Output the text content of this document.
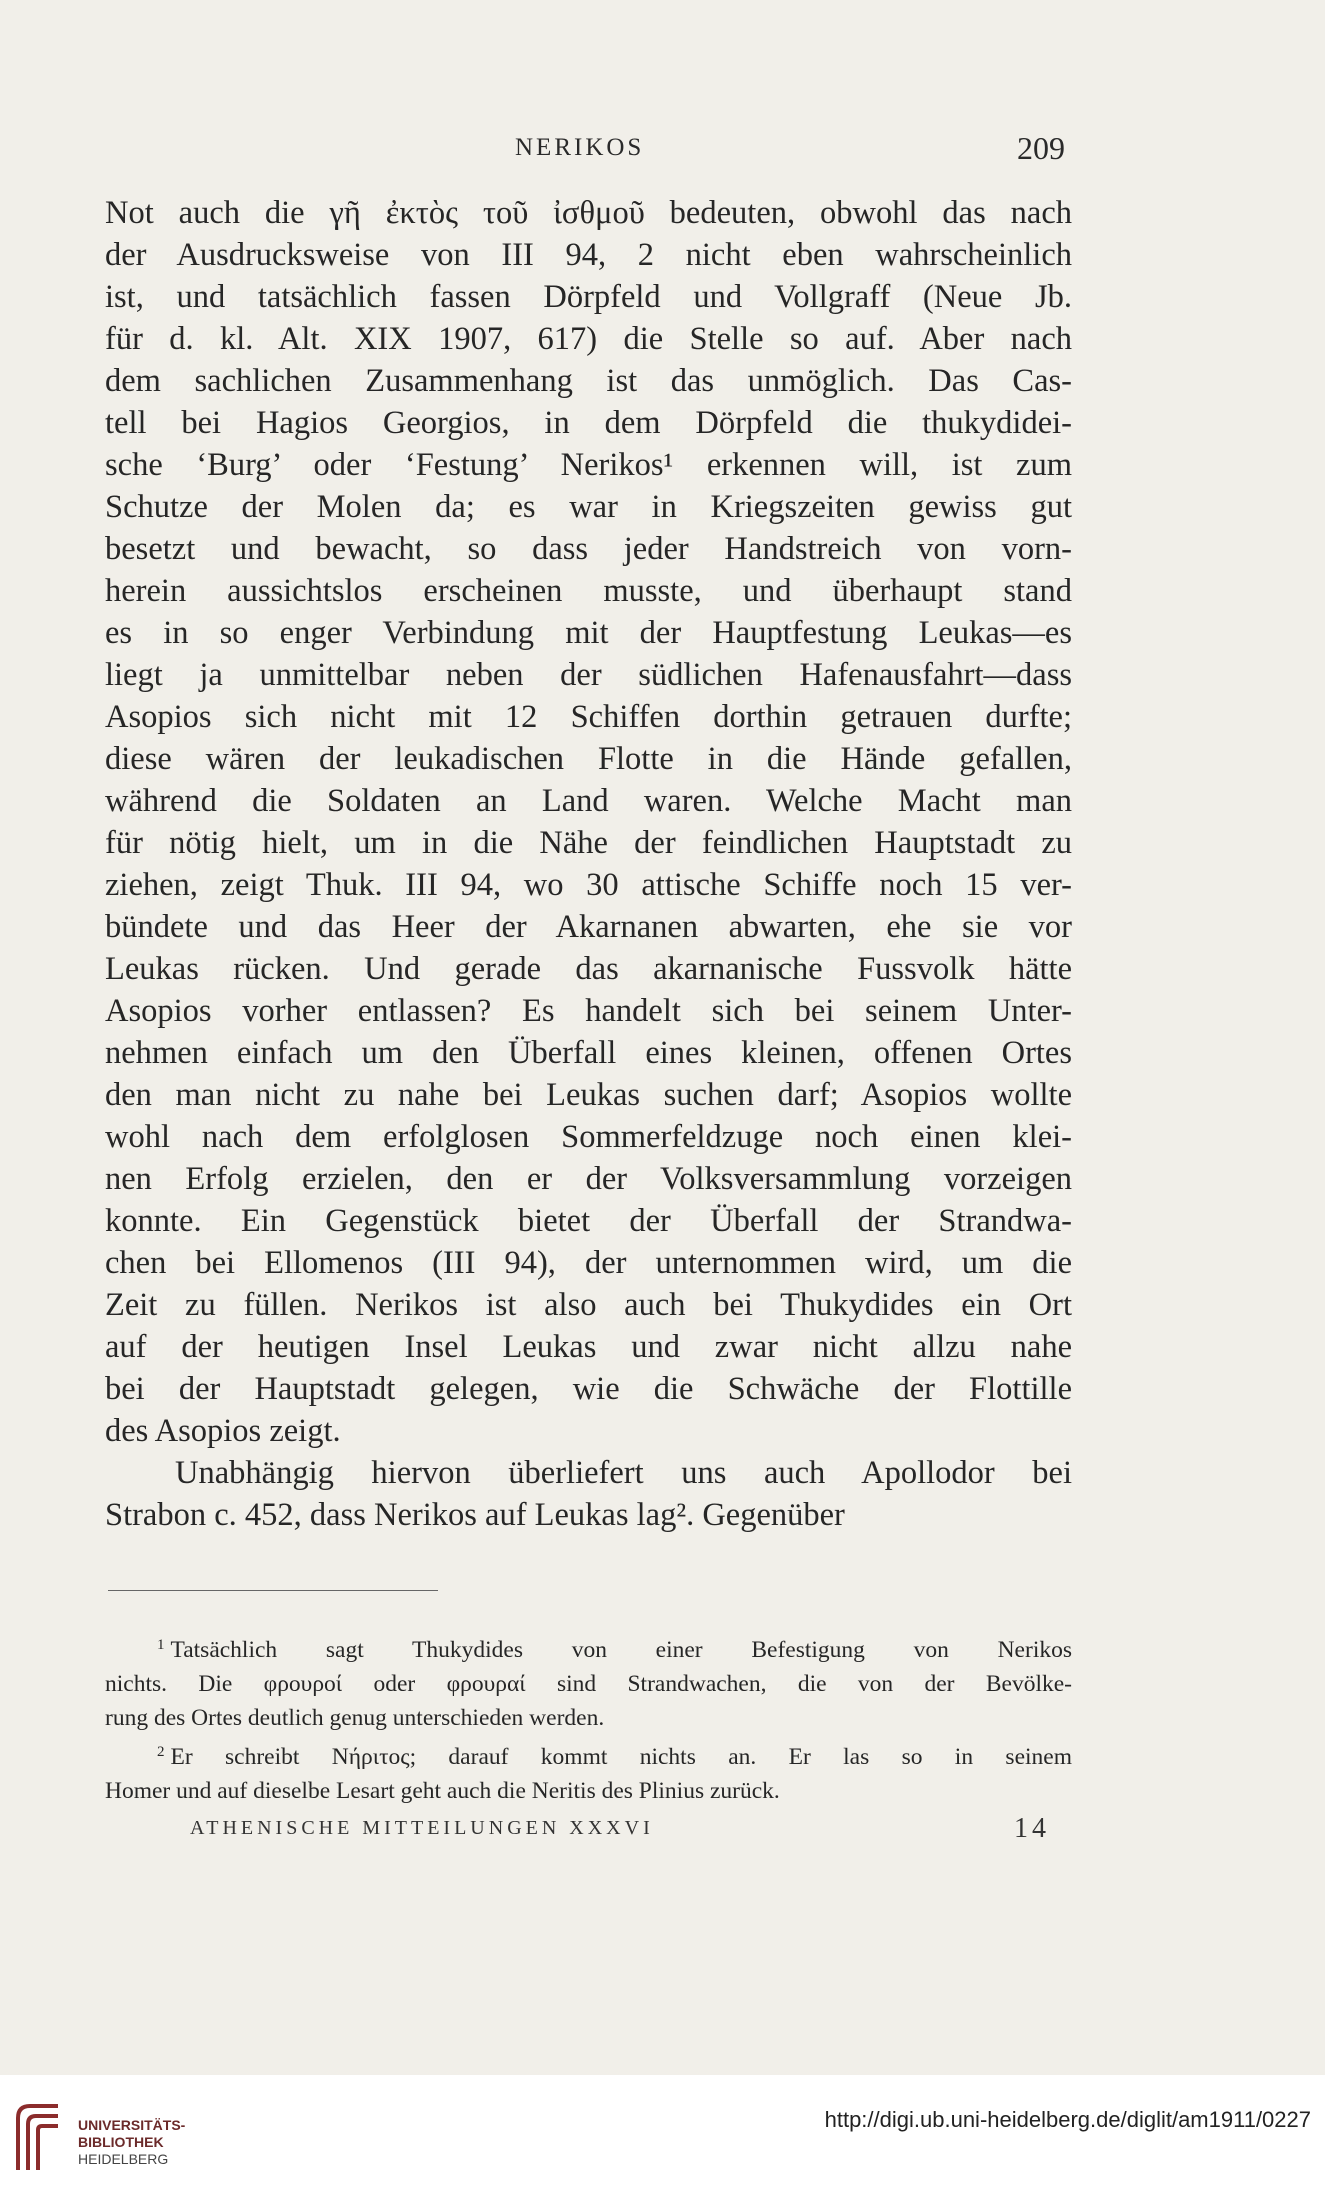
NERIKOS	209
Not auch die γῆ ἐκτὸς τοῦ ἰσθμοῦ bedeuten, obwohl das nach
der Ausdrucksweise von III 94, 2 nicht eben wahrscheinlich
ist, und tatsächlich fassen Dörpfeld und Vollgraff (Neue Jb.
für d. kl. Alt. XIX 1907, 617) die Stelle so auf. Aber nach
dem sachlichen Zusammenhang ist das unmöglich. Das Cas-
tell bei Hagios Georgios, in dem Dörpfeld die thukydidei-
sche ‘Burg’ oder ‘Festung’ Nerikos¹ erkennen will, ist zum
Schutze der Molen da; es war in Kriegszeiten gewiss gut
besetzt und bewacht, so dass jeder Handstreich von vorn-
herein aussichtslos erscheinen musste, und überhaupt stand
es in so enger Verbindung mit der Hauptfestung Leukas—es
liegt ja unmittelbar neben der südlichen Hafenausfahrt—dass
Asopios sich nicht mit 12 Schiffen dorthin getrauen durfte;
diese wären der leukadischen Flotte in die Hände gefallen,
während die Soldaten an Land waren. Welche Macht man
für nötig hielt, um in die Nähe der feindlichen Hauptstadt zu
ziehen, zeigt Thuk. III 94, wo 30 attische Schiffe noch 15 ver-
bündete und das Heer der Akarnanen abwarten, ehe sie vor
Leukas rücken. Und gerade das akarnanische Fussvolk hätte
Asopios vorher entlassen? Es handelt sich bei seinem Unter-
nehmen einfach um den Überfall eines kleinen, offenen Ortes
den man nicht zu nahe bei Leukas suchen darf; Asopios wollte
wohl nach dem erfolglosen Sommerfeldzuge noch einen klei-
nen Erfolg erzielen, den er der Volksversammlung vorzeigen
konnte. Ein Gegenstück bietet der Überfall der Strandwa-
chen bei Ellomenos (III 94), der unternommen wird, um die
Zeit zu füllen. Nerikos ist also auch bei Thukydides ein Ort
auf der heutigen Insel Leukas und zwar nicht allzu nahe
bei der Hauptstadt gelegen, wie die Schwäche der Flottille
des Asopios zeigt.
Unabhängig hiervon überliefert uns auch Apollodor bei
Strabon c. 452, dass Nerikos auf Leukas lag². Gegenüber
$^1$ Tatsächlich sagt Thukydides von einer Befestigung von Nerikos
nichts. Die φρουροί oder φρουραί sind Strandwachen, die von der Bevölke-
rung des Ortes deutlich genug unterschieden werden.
$^2$ Er schreibt Νήριτος; darauf kommt nichts an. Er las so in seinem
Homer und auf dieselbe Lesart geht auch die Neritis des Plinius zurück.
ATHENISCHE MITTEILUNGEN XXXVI	14
UNIVERSITÄTS-
BIBLIOTHEK
HEIDELBERG
http://digi.ub.uni-heidelberg.de/diglit/am1911/0227
